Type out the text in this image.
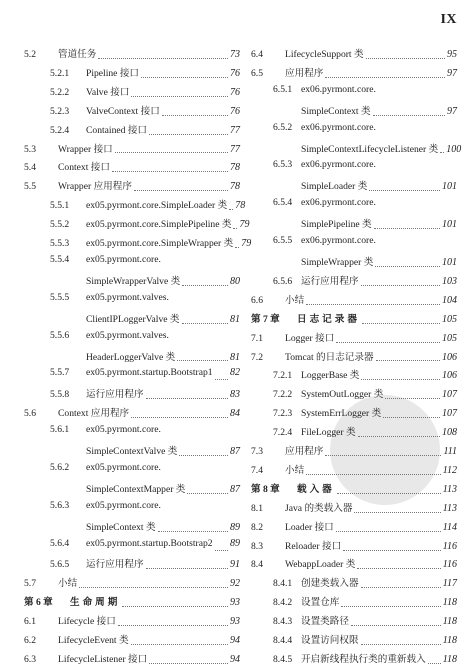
IX
5.2	管道任务	73
5.2.1	Pipeline 接口	76
5.2.2	Valve 接口	76
5.2.3	ValveContext 接口	76
5.2.4	Contained 接口	77
5.3	Wrapper 接口	77
5.4	Context 接口	78
5.5	Wrapper 应用程序	78
5.5.1	ex05.pyrmont.core.SimpleLoader 类 78
5.5.2	ex05.pyrmont.core.SimplePipeline 类 79
5.5.3	ex05.pyrmont.core.SimpleWrapper 类 79
5.5.4	ex05.pyrmont.core.
SimpleWrapperValve 类	80
5.5.5	ex05.pyrmont.valves.
ClientIPLoggerValve 类	81
5.5.6	ex05.pyrmont.valves.
HeaderLoggerValve 类	81
5.5.7	ex05.pyrmont.startup.Bootstrap1 82
5.5.8	运行应用程序	83
5.6	Context 应用程序	84
5.6.1	ex05.pyrmont.core.
SimpleContextValve 类	87
5.6.2	ex05.pyrmont.core.
SimpleContextMapper 类	87
5.6.3	ex05.pyrmont.core.
SimpleContext 类	89
5.6.4	ex05.pyrmont.startup.Bootstrap2 89
5.6.5	运行应用程序	91
5.7	小结	92
第 6 章	生命周期	93
6.1	Lifecycle 接口	93
6.2	LifecycleEvent 类	94
6.3	LifecycleListener 接口	94
6.4	LifecycleSupport 类	95
6.5	应用程序	97
6.5.1 ex06.pyrmont.core.
SimpleContext 类	97
6.5.2 ex06.pyrmont.core.
SimpleContextLifecycleListener 类 100
6.5.3 ex06.pyrmont.core.
SimpleLoader 类	101
6.5.4 ex06.pyrmont.core.
SimplePipeline 类	101
6.5.5 ex06.pyrmont.core.
SimpleWrapper 类	101
6.5.6 运行应用程序	103
6.6	小结	104
第 7 章	日志记录器	105
7.1	Logger 接口	105
7.2	Tomcat 的日志记录器	106
7.2.1 LoggerBase 类	106
7.2.2 SystemOutLogger 类	107
7.2.3 SystemErrLogger 类	107
7.2.4 FileLogger 类	108
7.3	应用程序	111
7.4	小结	112
第 8 章	载入器	113
8.1	Java 的类载入器	113
8.2	Loader 接口	114
8.3	Reloader 接口	116
8.4	WebappLoader 类	116
8.4.1 创建类载入器	117
8.4.2 设置仓库	118
8.4.3 设置类路径	118
8.4.4 设置访问权限	118
8.4.5 开启新线程执行类的重新载入 118
